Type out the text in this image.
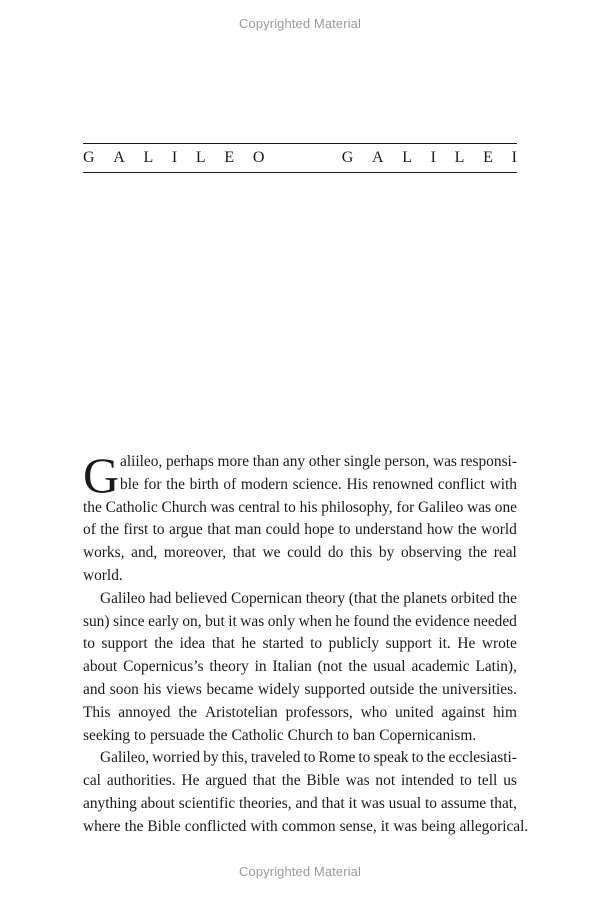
Copyrighted Material
G A L I L E O	G A L I L E I
G aliileo, perhaps more than any other single person, was responsi-
ble for the birth of modern science. His renowned conflict with
the Catholic Church was central to his philosophy, for Galileo was one
of the first to argue that man could hope to understand how the world
works, and, moreover, that we could do this by observing the real
world.
Galileo had believed Copernican theory (that the planets orbited the
sun) since early on, but it was only when he found the evidence needed
to support the idea that he started to publicly support it. He wrote
about Copernicus’s theory in Italian (not the usual academic Latin),
and soon his views became widely supported outside the universities.
This annoyed the Aristotelian professors, who united against him
seeking to persuade the Catholic Church to ban Copernicanism.
Galileo, worried by this, traveled to Rome to speak to the ecclesiasti-
cal authorities. He argued that the Bible was not intended to tell us
anything about scientific theories, and that it was usual to assume that,
where the Bible conflicted with common sense, it was being allegorical.
Copyrighted Material
